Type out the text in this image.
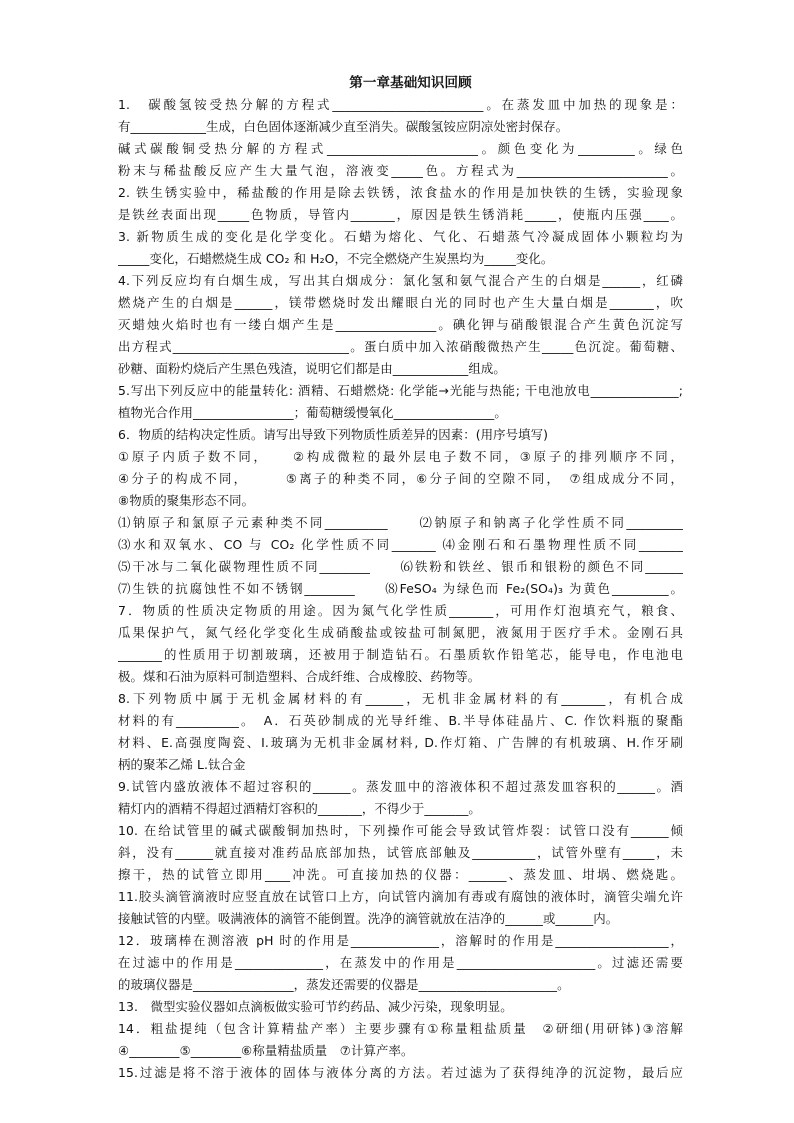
第一章基础知识回顾
1.　碳酸氢铵受热分解的方程式________________________。在蒸发皿中加热的现象是：
有____________生成，白色固体逐渐减少直至消失。碳酸氢铵应阴凉处密封保存。
碱式碳酸铜受热分解的方程式________________________。颜色变化为_________。绿色
粉末与稀盐酸反应产生大量气泡，溶液变_____色。方程式为________________________。
2. 铁生锈实验中，稀盐酸的作用是除去铁锈，浓食盐水的作用是加快铁的生锈，实验现象
是铁丝表面出现_____色物质，导管内_______，原因是铁生锈消耗_____，使瓶内压强____。
3. 新物质生成的变化是化学变化。石蜡为熔化、气化、石蜡蒸气冷凝成固体小颗粒均为
_____变化，石蜡燃烧生成 CO₂ 和 H₂O，不完全燃烧产生炭黑均为_____变化。
4.下列反应均有白烟生成，写出其白烟成分：氯化氢和氨气混合产生的白烟是______，红磷
燃烧产生的白烟是______，镁带燃烧时发出耀眼白光的同时也产生大量白烟是_______，吹
灭蜡烛火焰时也有一缕白烟产生是________________。碘化钾与硝酸银混合产生黄色沉淀写
出方程式____________________________。蛋白质中加入浓硝酸微热产生_____色沉淀。葡萄糖、
砂糖、面粉灼烧后产生黑色残渣，说明它们都是由____________组成。
5.写出下列反应中的能量转化: 酒精、石蜡燃烧: 化学能→光能与热能; 干电池放电______________;
植物光合作用________________；葡萄糖缓慢氧化________________。
6．物质的结构决定性质。请写出导致下列物质性质差异的因素：(用序号填写)
①原子内质子数不同，　　②构成微粒的最外层电子数不同，③原子的排列顺序不同，
④分子的构成不同，　　　⑤离子的种类不同，⑥分子间的空隙不同，　⑦组成成分不同，
⑧物质的聚集形态不同。
⑴钠原子和氯原子元素种类不同__________　　⑵钠原子和钠离子化学性质不同_________
⑶水和双氧水、CO 与 CO₂ 化学性质不同_______ ⑷金刚石和石墨物理性质不同_______
⑸干冰与二氧化碳物理性质不同________　　⑹铁粉和铁丝、银币和银粉的颜色不同______
⑺生铁的抗腐蚀性不如不锈钢________　　⑻FeSO₄ 为绿色而 Fe₂(SO₄)₃ 为黄色_________。
7．物质的性质决定物质的用途。因为氮气化学性质_______，可用作灯泡填充气，粮食、
瓜果保护气，氮气经化学变化生成硝酸盐或铵盐可制氮肥，液氮用于医疗手术。金刚石具
_______的性质用于切割玻璃，还被用于制造钻石。石墨质软作铅笔芯，能导电，作电池电
极。煤和石油为原料可制造塑料、合成纤维、合成橡胶、药物等。
8.下列物质中属于无机金属材料的有______，无机非金属材料的有_______，有机合成
材料的有__________。　A．石英砂制成的光导纤维、B.半导体硅晶片、C. 作饮料瓶的聚酯
材料、E.高强度陶瓷、I.玻璃为无机非金属材料, D.作灯箱、广告牌的有机玻璃、H.作牙刷
柄的聚苯乙烯 L.钛合金
9.试管内盛放液体不超过容积的______。蒸发皿中的溶液体积不超过蒸发皿容积的______。酒
精灯内的酒精不得超过酒精灯容积的_______，不得少于_______。
10. 在给试管里的碱式碳酸铜加热时，下列操作可能会导致试管炸裂：试管口没有______倾
斜，没有______就直接对准药品底部加热，试管底部触及__________，试管外壁有_____，未
擦干，热的试管立即用____冲洗。可直接加热的仪器：______、蒸发皿、坩埚、燃烧匙。
11.胶头滴管滴液时应竖直放在试管口上方，向试管内滴加有毒或有腐蚀的液体时，滴管尖端允许
接触试管的内壁。吸满液体的滴管不能倒置。洗净的滴管就放在洁净的______或______内。
12．玻璃棒在测溶液 pH 时的作用是______________，溶解时的作用是__________________，
在过滤中的作用是______________，在蒸发中的作用是______________________。过滤还需要
的玻璃仪器是________________，蒸发还需要的仪器是______________________。
13.　微型实验仪器如点滴板做实验可节约药品、减少污染，现象明显。
14．粗盐提纯（包含计算精盐产率）主要步骤有①称量粗盐质量　②研细(用研钵)③溶解
④________⑤________⑥称量精盐质量　⑦计算产率。
15.过滤是将不溶于液体的固体与液体分离的方法。若过滤为了获得纯净的沉淀物，最后应
